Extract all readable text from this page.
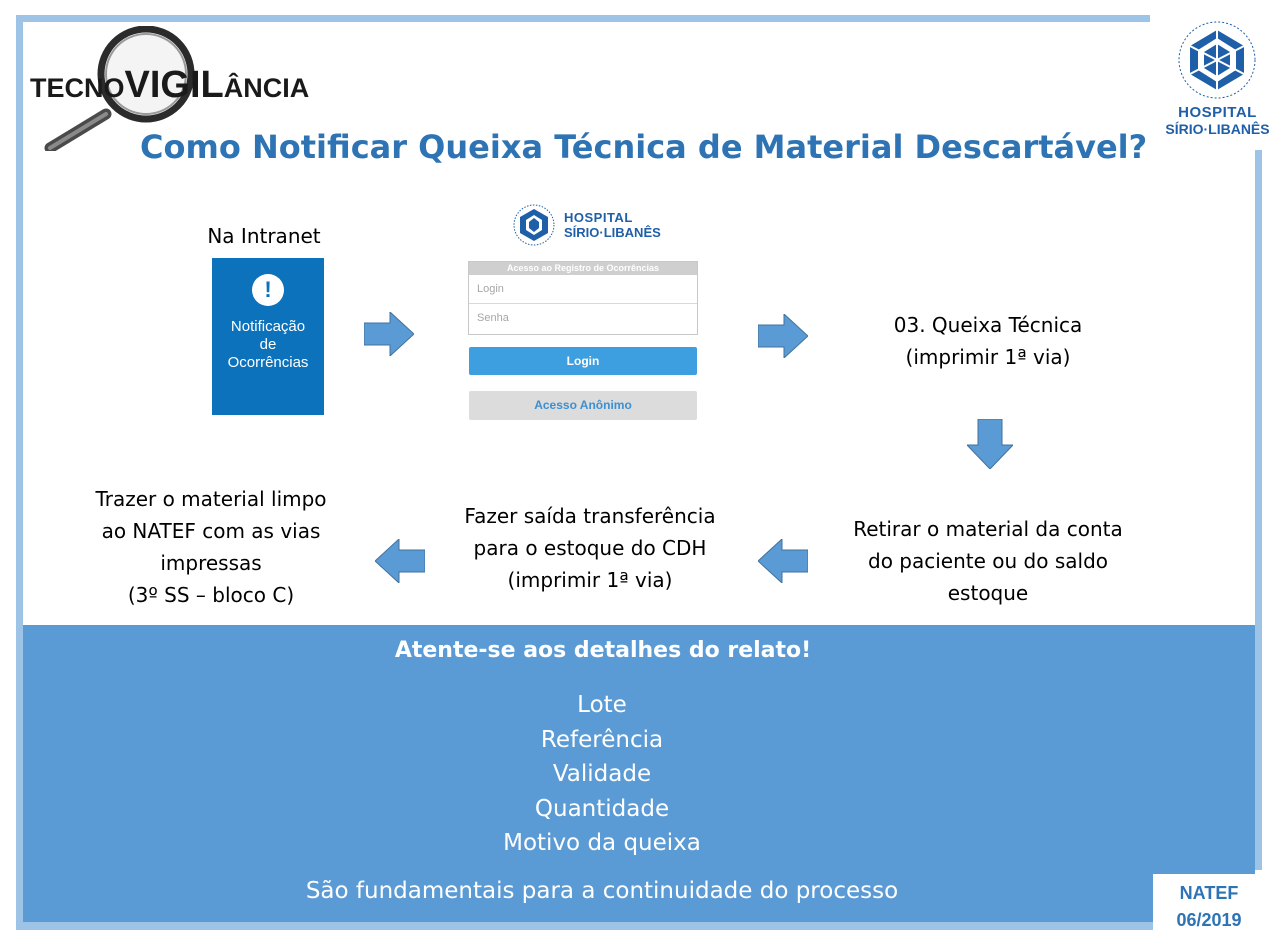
TECNOVIGILÂNCIA
HOSPITAL
SÍRIO·LIBANÊS
Como Notificar Queixa Técnica de Material Descartável?
Na Intranet
!
Notificação
de
Ocorrências
HOSPITAL
SÍRIO·LIBANÊS
Acesso ao Registro de Ocorrências
Login
Senha
Login
Acesso Anônimo
03. Queixa Técnica
(imprimir 1ª via)
Retirar o material da conta
do paciente ou do saldo
estoque
Fazer saída transferência
para o estoque do CDH
(imprimir 1ª via)
Trazer o material limpo
ao NATEF com as vias
impressas
(3º SS – bloco C)
Atente-se aos detalhes do relato!
Lote
Referência
Validade
Quantidade
Motivo da queixa
São fundamentais para a continuidade do processo	NATEF
06/2019
